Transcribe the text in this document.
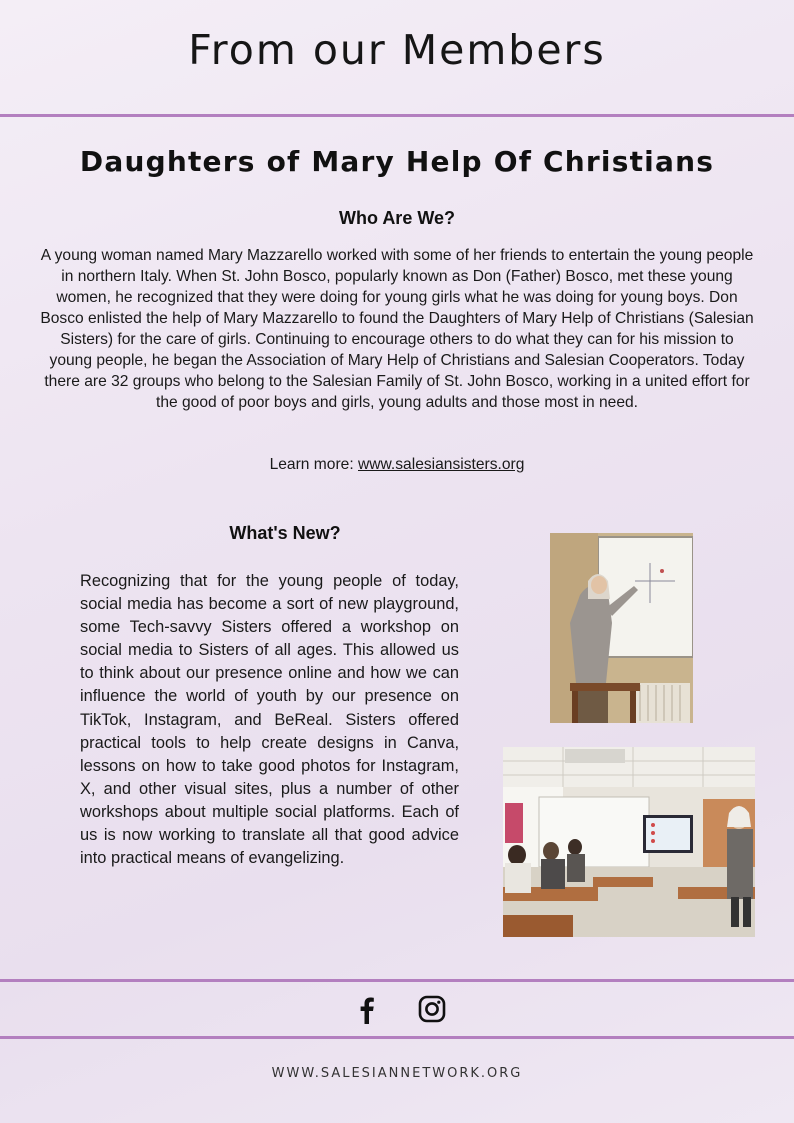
From our Members
Daughters of Mary Help Of Christians
Who Are We?
A young woman named Mary Mazzarello worked with some of her friends to entertain the young people in northern Italy. When St. John Bosco, popularly known as Don (Father) Bosco, met these young women, he recognized that they were doing for young girls what he was doing for young boys. Don Bosco enlisted the help of Mary Mazzarello to found the Daughters of Mary Help of Christians (Salesian Sisters) for the care of girls. Continuing to encourage others to do what they can for his mission to young people, he began the Association of Mary Help of Christians and Salesian Cooperators. Today there are 32 groups who belong to the Salesian Family of St. John Bosco, working in a united effort for the good of poor boys and girls, young adults and those most in need.
Learn more: www.salesiansisters.org
What's New?
Recognizing that for the young people of today, social media has become a sort of new playground, some Tech-savvy Sisters offered a workshop on social media to Sisters of all ages. This allowed us to think about our presence online and how we can influence the world of youth by our presence on TikTok, Instagram, and BeReal. Sisters offered practical tools to help create designs in Canva, lessons on how to take good photos for Instagram, X, and other visual sites, plus a number of other workshops about multiple social platforms. Each of us is now working to translate all that good advice into practical means of evangelizing.
WWW.SALESIANNETWORK.ORG
